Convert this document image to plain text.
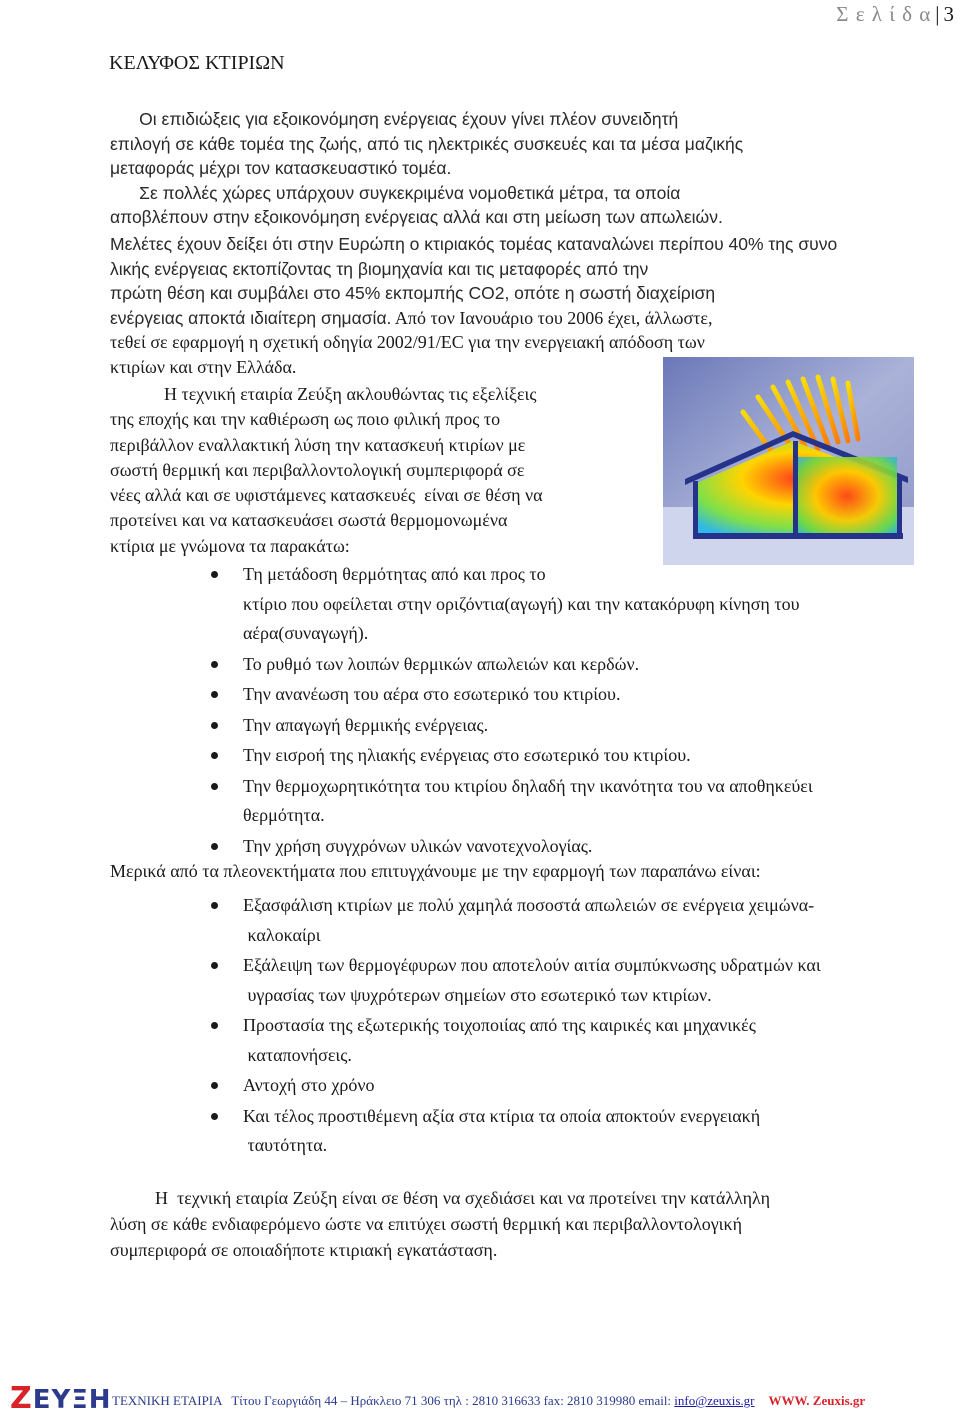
Σ ε λ ί δ α | 3
ΚΕΛΥΦΟΣ ΚΤΙΡΙΩΝ
Οι επιδιώξεις για εξοικονόμηση ενέργειας έχουν γίνει πλέον συνειδητή
επιλογή σε κάθε τομέα της ζωής, από τις ηλεκτρικές συσκευές και τα μέσα μαζικής
μεταφοράς μέχρι τον κατασκευαστικό τομέα.
Σε πολλές χώρες υπάρχουν συγκεκριμένα νομοθετικά μέτρα, τα οποία
αποβλέπουν στην εξοικονόμηση ενέργειας αλλά και στη μείωση των απωλειών.
Μελέτες έχουν δείξει ότι στην Ευρώπη ο κτιριακός τομέας καταναλώνει περίπου 40% της συνο
λικής ενέργειας εκτοπίζοντας τη βιομηχανία και τις μεταφορές από την
πρώτη θέση και συμβάλει στο 45% εκπομπής CO2, οπότε η σωστή διαχείριση
ενέργειας αποκτά ιδιαίτερη σημασία. Από τον Ιανουάριο του 2006 έχει, άλλωστε,
τεθεί σε εφαρμογή η σχετική οδηγία 2002/91/EC για την ενεργειακή απόδοση των
κτιρίων και στην Ελλάδα.
Η τεχνική εταιρία Ζεύξη ακλουθώντας τις εξελίξεις
της εποχής και την καθιέρωση ως ποιο φιλική προς το
περιβάλλον εναλλακτική λύση την κατασκευή κτιρίων με
σωστή θερμική και περιβαλλοντολογική συμπεριφορά σε
νέες αλλά και σε υφιστάμενες κατασκευές  είναι σε θέση να
προτείνει και να κατασκευάσει σωστά θερμομονωμένα
κτίρια με γνώμονα τα παρακάτω:
Τη μετάδοση θερμότητας από και προς το
κτίριο που οφείλεται στην οριζόντια(αγωγή) και την κατακόρυφη κίνηση του
αέρα(συναγωγή).
Το ρυθμό των λοιπών θερμικών απωλειών και κερδών.
Την ανανέωση του αέρα στο εσωτερικό του κτιρίου.
Την απαγωγή θερμικής ενέργειας.
Την εισροή της ηλιακής ενέργειας στο εσωτερικό του κτιρίου.
Την θερμοχωρητικότητα του κτιρίου δηλαδή την ικανότητα του να αποθηκεύει
θερμότητα.
Την χρήση συγχρόνων υλικών νανοτεχνολογίας.
Μερικά από τα πλεονεκτήματα που επιτυγχάνουμε με την εφαρμογή των παραπάνω είναι:
Εξασφάλιση κτιρίων με πολύ χαμηλά ποσοστά απωλειών σε ενέργεια χειμώνα-
καλοκαίρι
Εξάλειψη των θερμογέφυρων που αποτελούν αιτία συμπύκνωσης υδρατμών και
υγρασίας των ψυχρότερων σημείων στο εσωτερικό των κτιρίων.
Προστασία της εξωτερικής τοιχοποιίας από της καιρικές και μηχανικές
καταπονήσεις.
Αντοχή στο χρόνο
Και τέλος προστιθέμενη αξία στα κτίρια τα οποία αποκτούν ενεργειακή
ταυτότητα.
Η  τεχνική εταιρία Ζεύξη είναι σε θέση να σχεδιάσει και να προτείνει την κατάλληλη
λύση σε κάθε ενδιαφερόμενο ώστε να επιτύχει σωστή θερμική και περιβαλλοντολογική
συμπεριφορά σε οποιαδήποτε κτιριακή εγκατάσταση.
ZΕΥΞΗ ΤΕΧΝΙΚΗ ΕΤΑΙΡΙΑ   Τίτου Γεωργιάδη 44 – Ηράκλειο 71 306 τηλ : 2810 316633 fax: 2810 319980 email: info@zeuxis.gr WWW. Zeuxis.gr
